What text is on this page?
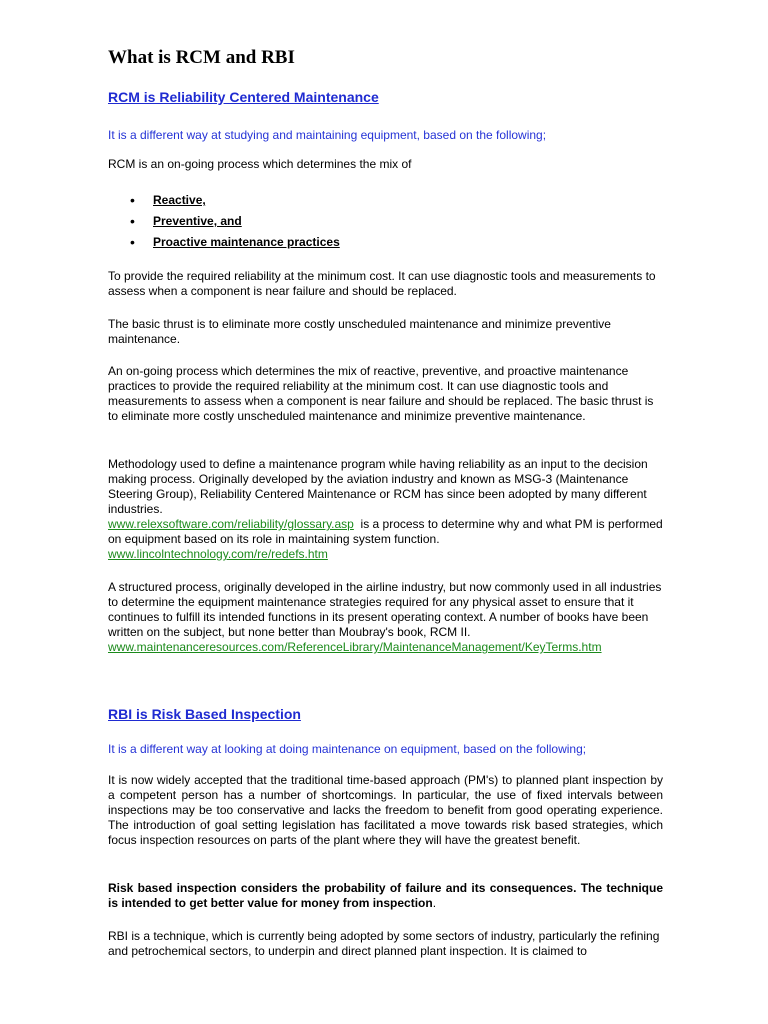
What is RCM and RBI
RCM is Reliability Centered Maintenance

It is a different way at studying and maintaining equipment, based on the following;

RCM is an on-going process which determines the mix of

• Reactive,
• Preventive, and
• Proactive maintenance practices

To provide the required reliability at the minimum cost. It can use diagnostic tools and measurements to assess when a component is near failure and should be replaced.

The basic thrust is to eliminate more costly unscheduled maintenance and minimize preventive maintenance.

An on-going process which determines the mix of reactive, preventive, and proactive maintenance practices to provide the required reliability at the minimum cost. It can use diagnostic tools and measurements to assess when a component is near failure and should be replaced. The basic thrust is to eliminate more costly unscheduled maintenance and minimize preventive maintenance.

Methodology used to define a maintenance program while having reliability as an input to the decision making process. Originally developed by the aviation industry and known as MSG-3 (Maintenance Steering Group), Reliability Centered Maintenance or RCM has since been adopted by many different industries.
www.relexsoftware.com/reliability/glossary.asp is a process to determine why and what PM is performed on equipment based on its role in maintaining system function.
www.lincolntechnology.com/re/redefs.htm

A structured process, originally developed in the airline industry, but now commonly used in all industries to determine the equipment maintenance strategies required for any physical asset to ensure that it continues to fulfill its intended functions in its present operating context. A number of books have been written on the subject, but none better than Moubray's book, RCM II.
www.maintenanceresources.com/ReferenceLibrary/MaintenanceManagement/KeyTerms.htm

RBI is Risk Based Inspection

It is a different way at looking at doing maintenance on equipment, based on the following;

It is now widely accepted that the traditional time-based approach (PM's) to planned plant inspection by a competent person has a number of shortcomings. In particular, the use of fixed intervals between inspections may be too conservative and lacks the freedom to benefit from good operating experience. The introduction of goal setting legislation has facilitated a move towards risk based strategies, which focus inspection resources on parts of the plant where they will have the greatest benefit.

Risk based inspection considers the probability of failure and its consequences. The technique is intended to get better value for money from inspection.

RBI is a technique, which is currently being adopted by some sectors of industry, particularly the refining and petrochemical sectors, to underpin and direct planned plant inspection. It is claimed to
